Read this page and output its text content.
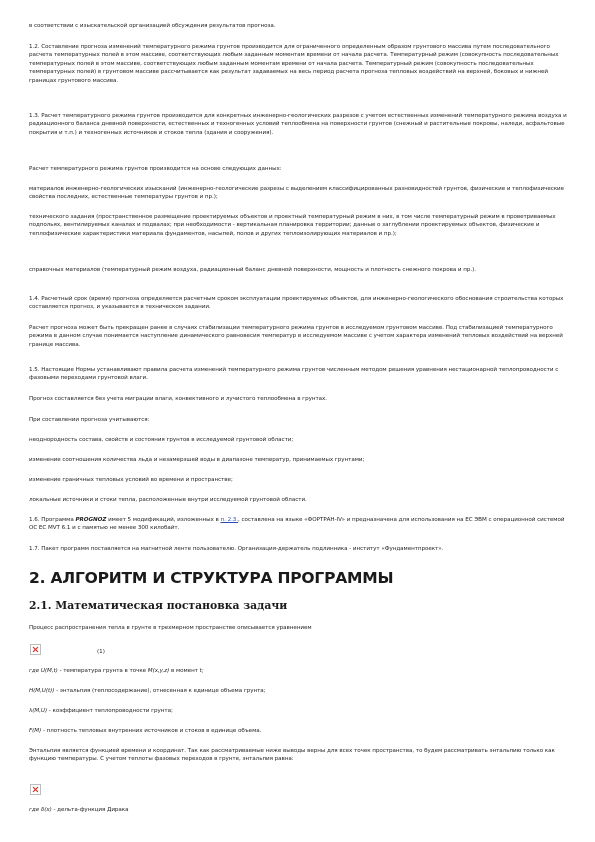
в соответствии с изыскательской организацией обсуждения результатов прогноза.
1.2. Составление прогноза изменений температурного режима грунтов производится для ограниченного определенным образом грунтового массива путем последовательного расчета температурных полей в этом массиве, соответствующих любым заданным моментам времени от начала расчета. Температурный режим (совокупность последовательных температурных полей в этом массиве, соответствующих любым заданным моментам времени от начала расчета. Температурный режим (совокупность последовательных температурных полей) в грунтовом массиве рассчитывается как результат задаваемых на весь период расчета прогноза тепловых воздействий на верхней, боковых и нижней границах грунтового массива.
1.3. Расчет температурного режима грунтов производится для конкретных инженерно-геологических разрезов с учетом естественных изменений температурного режима воздуха и радиационного баланса дневной поверхности, естественных и техногенных условий теплообмена на поверхности грунтов (снежный и растительные покровы, наледи, асфальтовые покрытия и т.п.) и техногенных источников и стоков тепла (здания и сооружения).
Расчет температурного режима грунтов производится на основе следующих данных:
материалов инженерно-геологических изысканий (инженерно-геологические разрезы с выделением классифицированных разновидностей грунтов, физические и теплофизические свойства последних, естественные температуры грунтов и пр.);
технического задания (пространственное размещение проектируемых объектов и проектный температурный режим в них, в том числе температурный режим в проветриваемых подпольях, вентилируемых каналах и подвалах; при необходимости - вертикальная планировка территории; данные о заглублении проектируемых объектов, физические и теплофизические характеристики материала фундаментов, насыпей, полов и других теплоизолирующих материалов и пр.);
справочных материалов (температурный режим воздуха, радиационный баланс дневной поверхности, мощность и плотность снежного покрова и пр.).
1.4. Расчетный срок (время) прогноза определяется расчетным сроком эксплуатации проектируемых объектов, для инженерно-геологического обоснования строительства которых составляется прогноз, и указывается в техническом задании.
Расчет прогноза может быть прекращен ранее в случаях стабилизации температурного режима грунтов в исследуемом грунтовом массиве. Под стабилизацией температурного режима в данном случае понимается наступление динамического равновесия температур в исследуемом массиве с учетом характера изменений тепловых воздействий на верхней границе массива.
1.5. Настоящие Нормы устанавливают правила расчета изменений температурного режима грунтов численным методом решения уравнения нестационарной теплопроводности с фазовыми переходами грунтовой влаги.
Прогноз составляется без учета миграции влаги, конвективного и лучистого теплообмена в грунтах.
При составлении прогноза учитываются:
неоднородность состава, свойств и состояния грунтов в исследуемой грунтовой области;
изменение соотношения количества льда и незамерзшей воды в диапазоне температур, принимаемых грунтами;
изменение граничных тепловых условий во времени и пространстве;
локальные источники и стоки тепла, расположенные внутри исследуемой грунтовой области.
1.6. Программа PROGNOZ имеет 5 модификаций, изложенных в п. 2.3., составлена на языке «ФОРТРАН-IV» и предназначена для использования на ЕС ЭВМ с операционной системой ОС ЕС МVТ 6.1 и с памятью не менее 300 килобайт.
1.7. Пакет программ поставляется на магнитной ленте пользователю. Организация-держатель подлинника - институт «Фундаментпроект».
2. АЛГОРИТМ И СТРУКТУРА ПРОГРАММЫ
2.1. Математическая постановка задачи
Процесс распространения тепла в грунте в трехмерном пространстве описывается уравнением
(1)
где U(M,t) - температура грунта в точке M(x,y,z) в момент t;
H(M,U(t)) - энтальпия (теплосодержание), отнесенная к единице объема грунта;
λ(M,U) - коэффициент теплопроводности грунта;
F(M) - плотность тепловых внутренних источников и стоков в единице объема.
Энтальпия является функцией времени и координат. Так как рассматриваемые ниже выводы верны для всех точек пространства, то будем рассматривать энтальпию только как функцию температуры. С учетом теплоты фазовых переходов в грунте, энтальпия равна:
где δ(x) - дельта-функция Дирака
